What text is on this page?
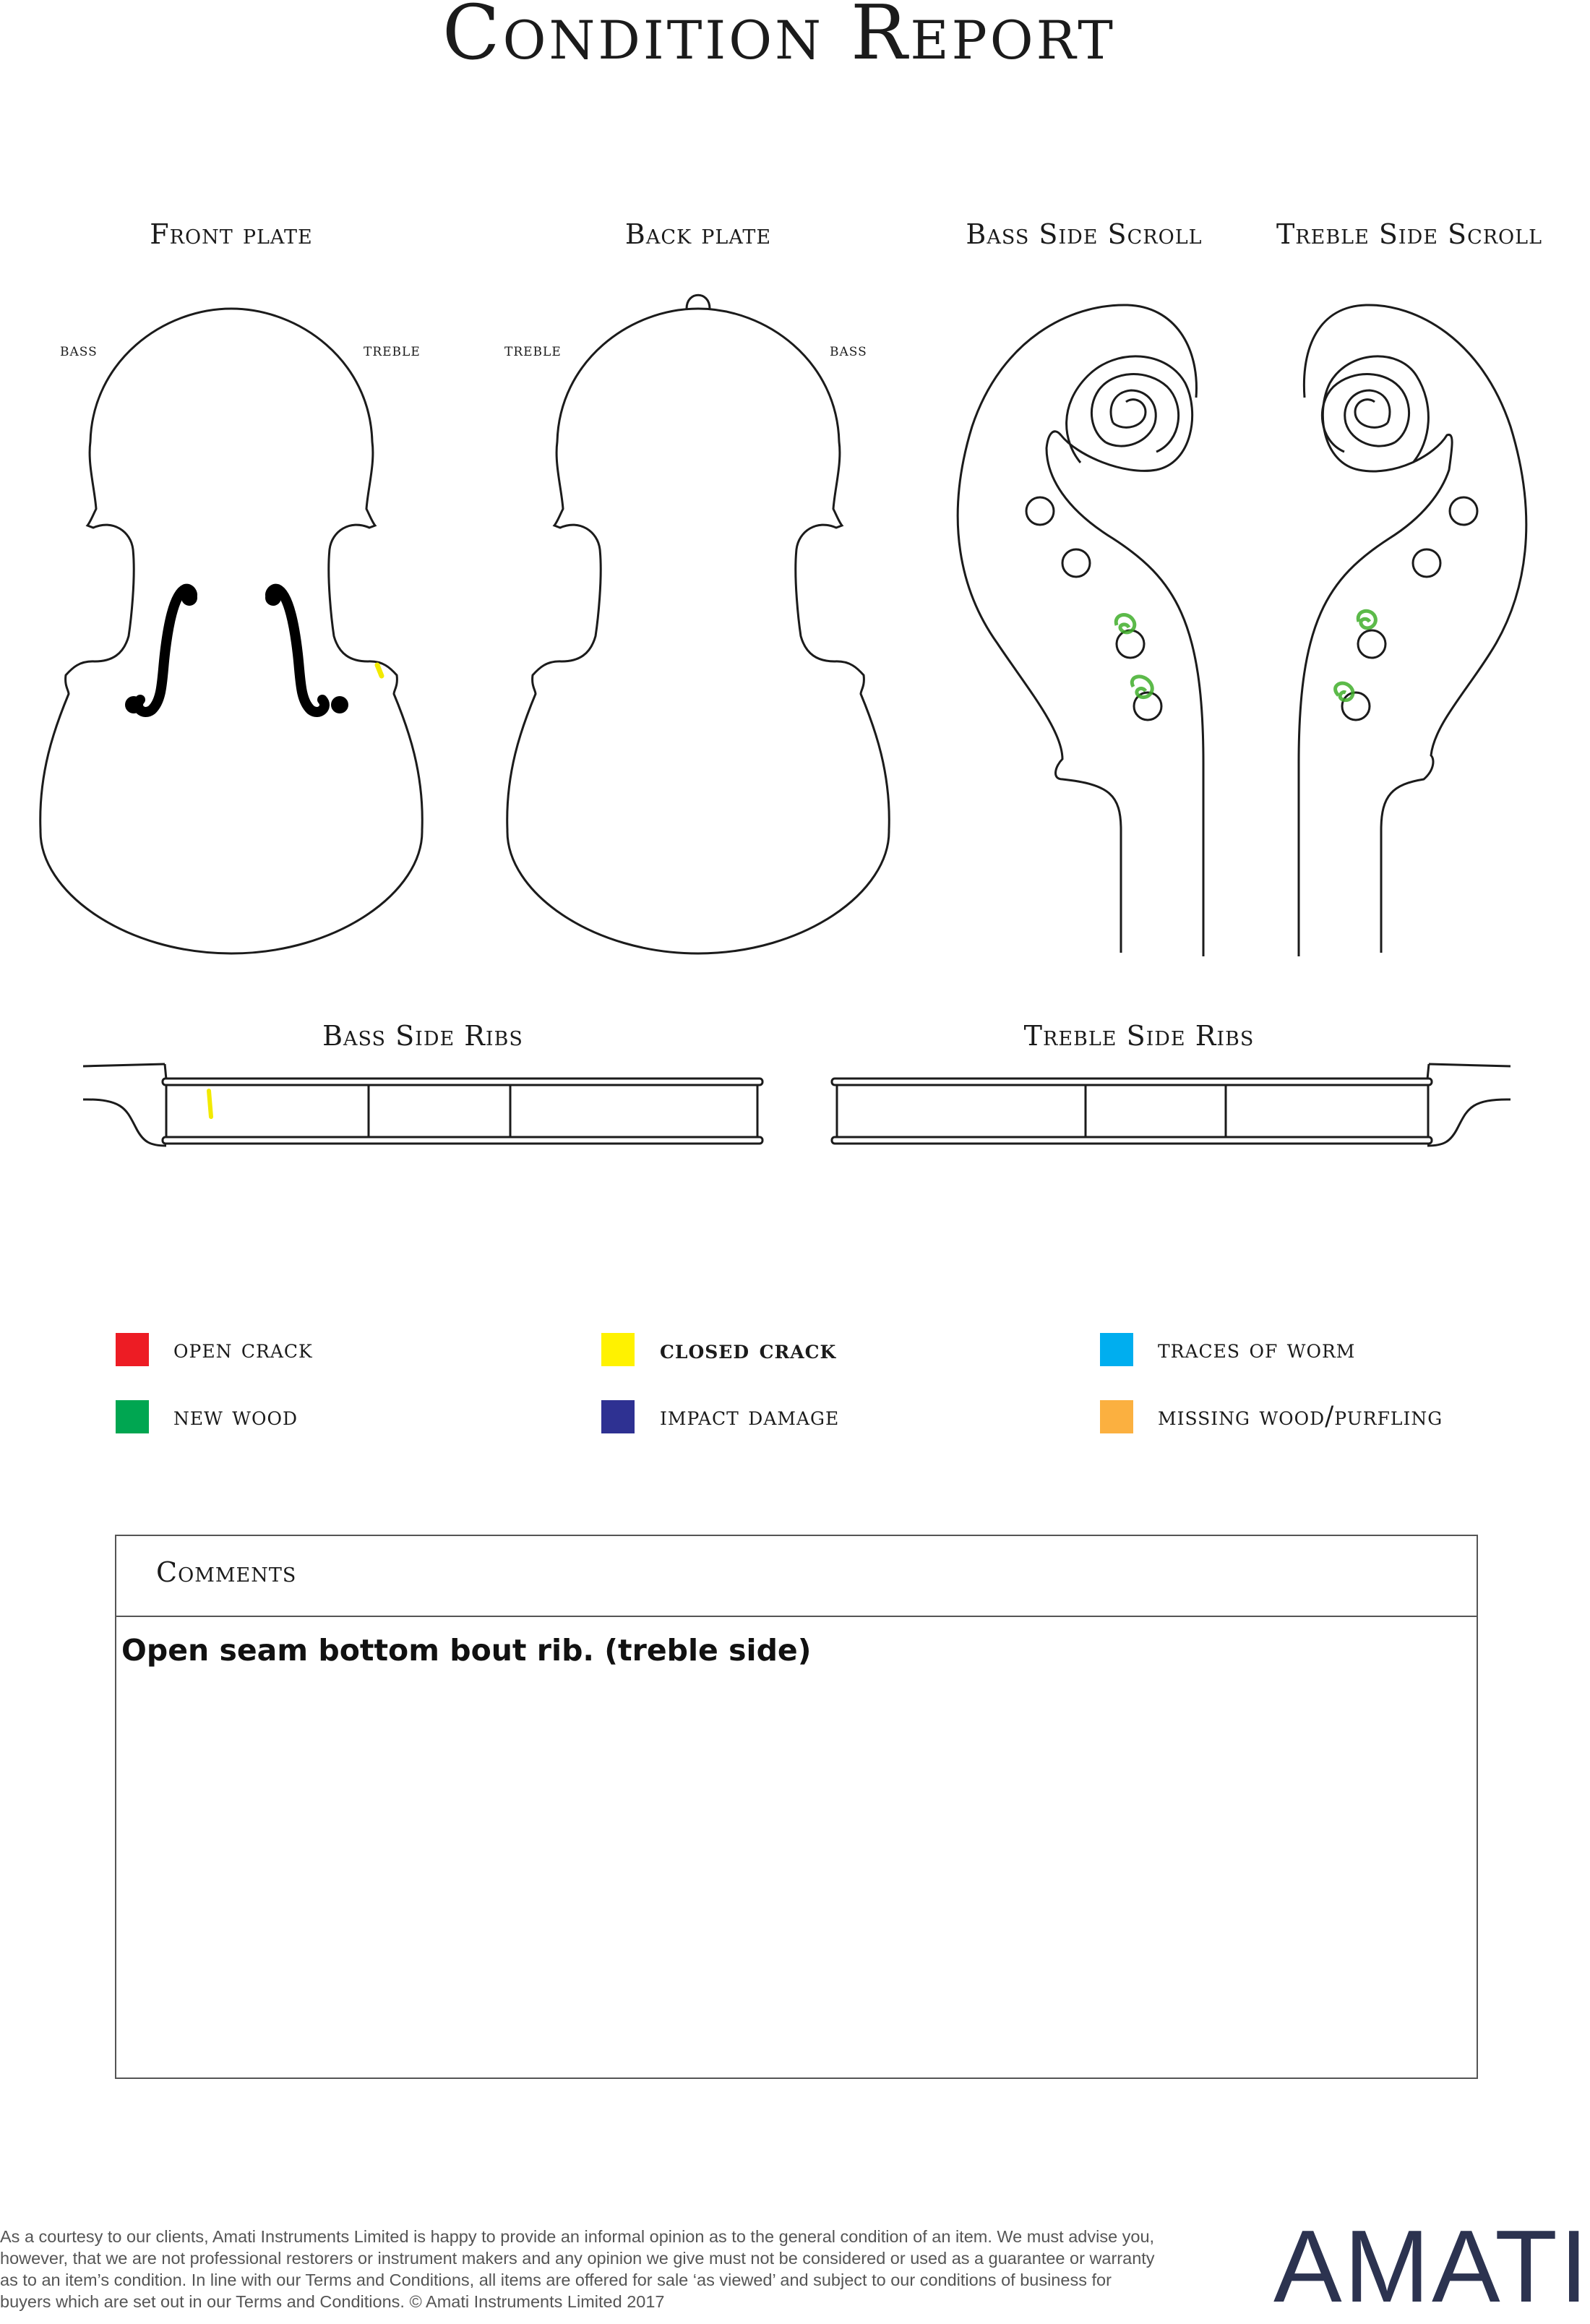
Condition Report
Front plate	Back plate	Bass Side Scroll	Treble Side Scroll
Bass Side Ribs	Treble Side Ribs
bass	treble	treble	bass
open crack	closed crack	traces of worm
new wood	impact damage	missing wood/purfling
Comments
Open seam bottom bout rib. (treble side)
As a courtesy to our clients, Amati Instruments Limited is happy to provide an informal opinion as to the general condition of an item. We must advise you, however, that we are not professional restorers or instrument makers and any opinion we give must not be considered or used as a guarantee or warranty as to an item’s condition. In line with our Terms and Conditions, all items are offered for sale ‘as viewed’ and subject to our conditions of business for buyers which are set out in our Terms and Conditions. © Amati Instruments Limited 2017	AMATI
